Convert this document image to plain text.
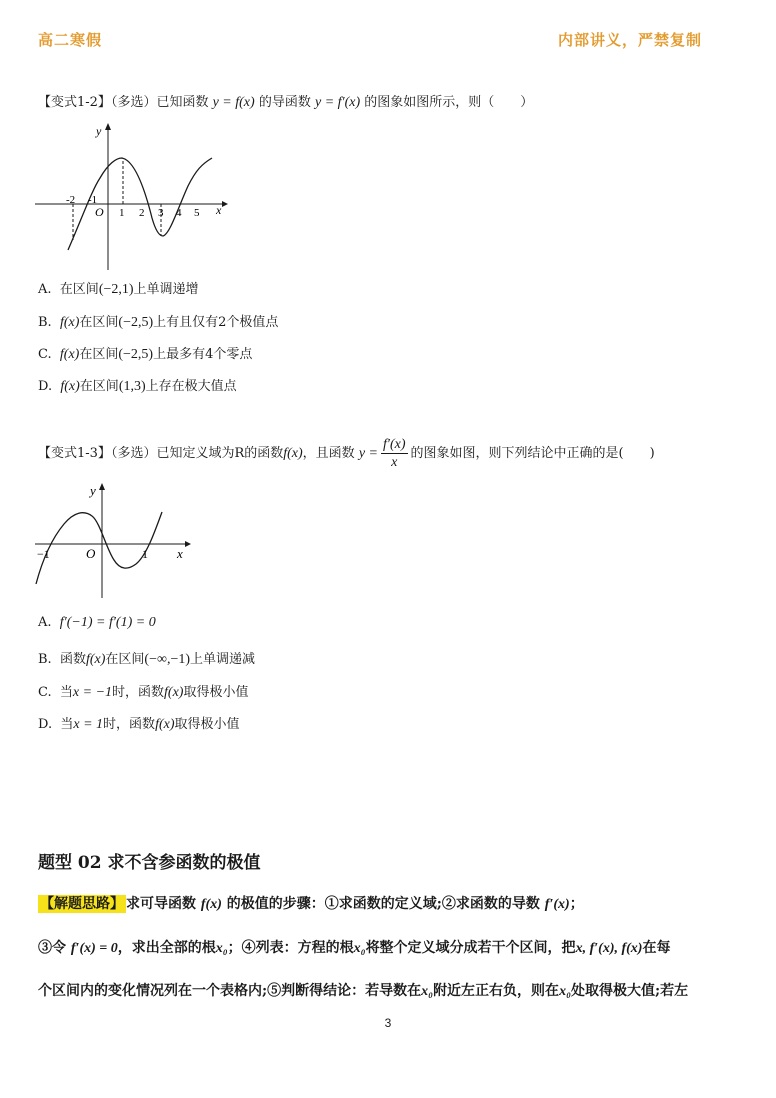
高二寒假	内部讲义，严禁复制
【变式1-2】（多选）已知函数 y = f(x) 的导函数 y = f′(x) 的图象如图所示，则（　　）
y
x
O
-2 -1
1 2 3 4 5
A. 在区间(−2,1)上单调递增
B. f(x)在区间(−2,5)上有且仅有2个极值点
C. f(x)在区间(−2,5)上最多有4个零点
D. f(x)在区间(1,3)上存在极大值点
【变式1-3】（多选）已知定义域为R的函数f(x)，且函数 $y = \frac{f'(x)}{x}$ 的图象如图，则下列结论中正确的是(　　)
y
x
O
−1	1
A. f′(−1) = f′(1) = 0
B. 函数f(x)在区间(−∞,−1)上单调递减
C. 当x = −1时，函数f(x)取得极小值
D. 当x = 1时，函数f(x)取得极小值
题型 02 求不含参函数的极值
【解题思路】 求可导函数 f(x) 的极值的步骤：①求函数的定义域;②求函数的导数 f′(x)；
③令 f′(x) = 0，求出全部的根x₀；④列表：方程的根x₀将整个定义域分成若干个区间，把x, f′(x), f(x)在每
个区间内的变化情况列在一个表格内;⑤判断得结论：若导数在x₀附近左正右负，则在x₀处取得极大值;若左
3
